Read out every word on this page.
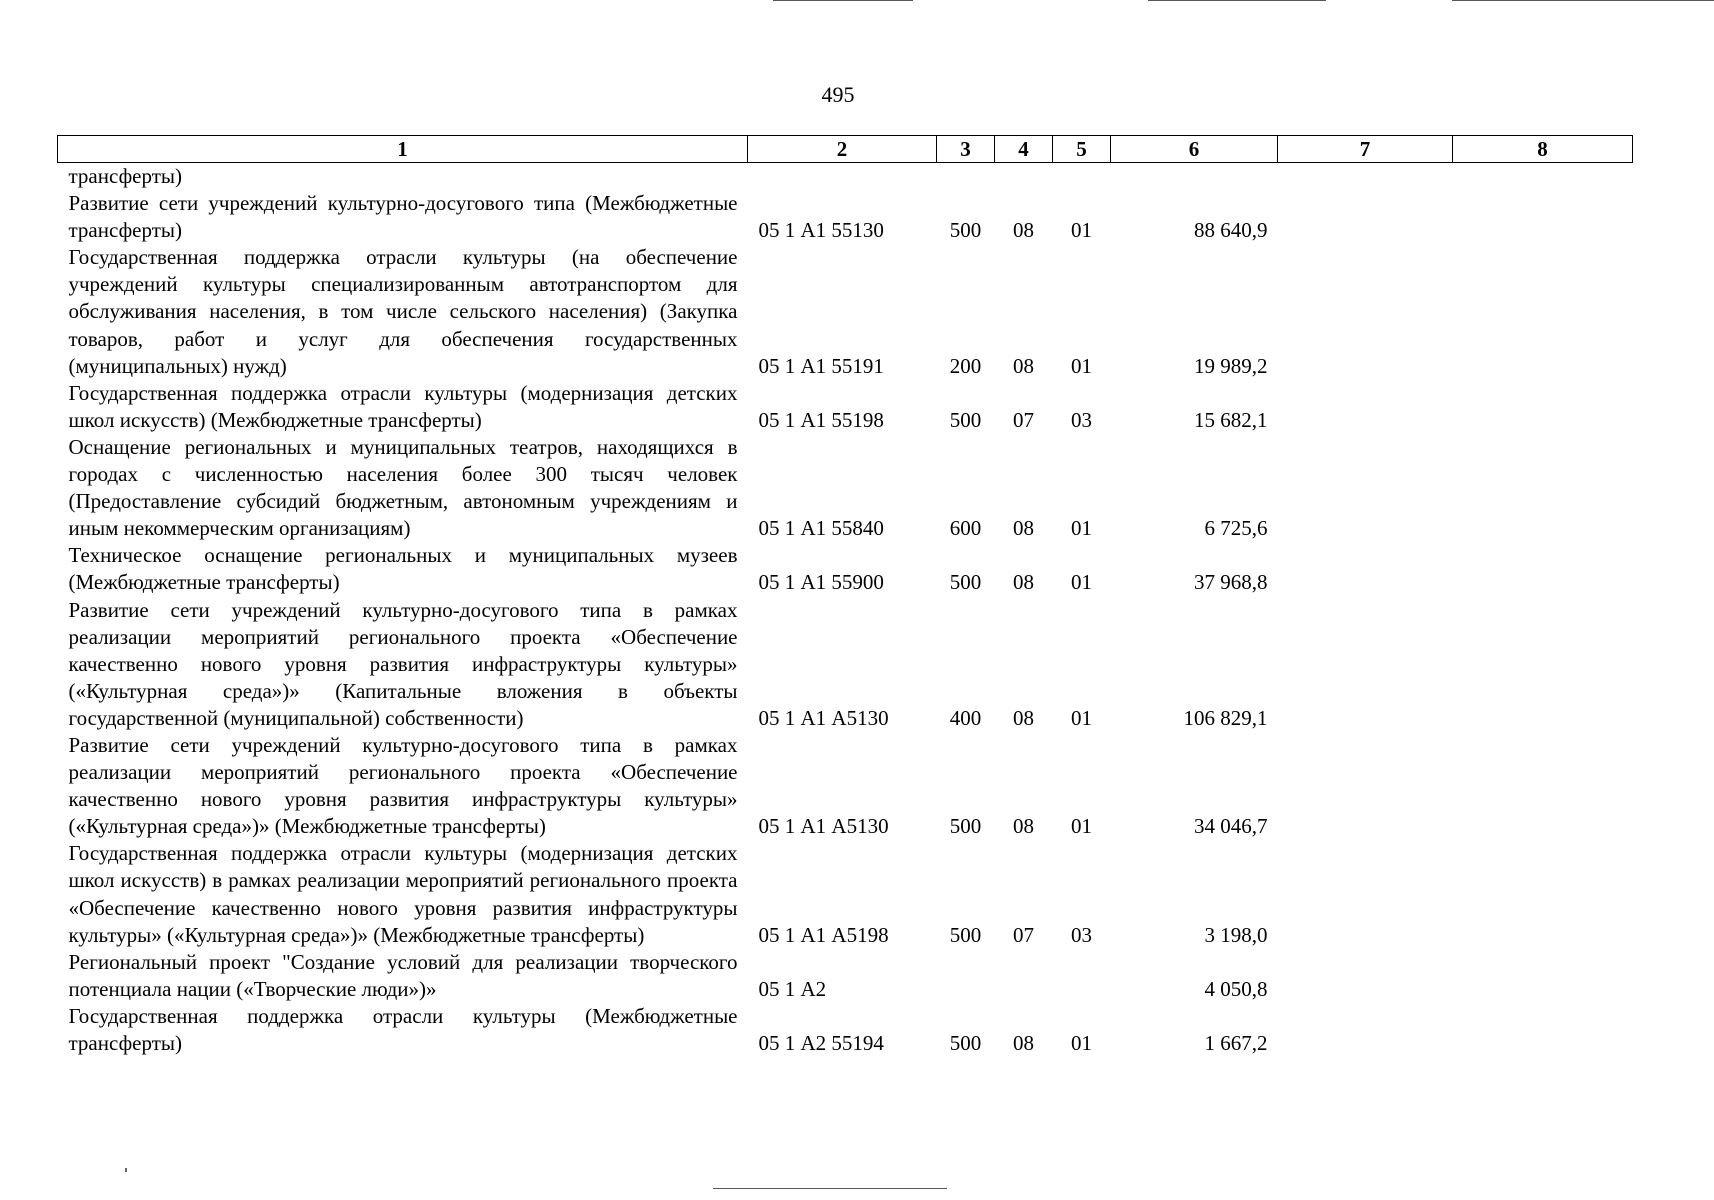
495
1	2	3	4	5	6	7	8
трансферты)							
Развитие сети учреждений культурно-досугового типа (Межбюджетные трансферты)	05 1 А1 55130	500	08	01	88 640,9		
Государственная поддержка отрасли культуры (на обеспечение учреждений культуры специализированным автотранспортом для обслуживания населения, в том числе сельского населения) (Закупка товаров, работ и услуг для обеспечения государственных (муниципальных) нужд)	05 1 А1 55191	200	08	01	19 989,2		
Государственная поддержка отрасли культуры (модернизация детских школ искусств) (Межбюджетные трансферты)	05 1 А1 55198	500	07	03	15 682,1		
Оснащение региональных и муниципальных театров, находящихся в городах с численностью населения более 300 тысяч человек (Предоставление субсидий бюджетным, автономным учреждениям и иным некоммерческим организациям)	05 1 А1 55840	600	08	01	6 725,6		
Техническое оснащение региональных и муниципальных музеев (Межбюджетные трансферты)	05 1 А1 55900	500	08	01	37 968,8		
Развитие сети учреждений культурно-досугового типа в рамках реализации мероприятий регионального проекта «Обеспечение качественно нового уровня развития инфраструктуры культуры» («Культурная среда»)» (Капитальные вложения в объекты государственной (муниципальной) собственности)	05 1 А1 А5130	400	08	01	106 829,1		
Развитие сети учреждений культурно-досугового типа в рамках реализации мероприятий регионального проекта «Обеспечение качественно нового уровня развития инфраструктуры культуры» («Культурная среда»)» (Межбюджетные трансферты)	05 1 А1 А5130	500	08	01	34 046,7		
Государственная поддержка отрасли культуры (модернизация детских школ искусств) в рамках реализации мероприятий регионального проекта «Обеспечение качественно нового уровня развития инфраструктуры культуры» («Культурная среда»)» (Межбюджетные трансферты)	05 1 А1 А5198	500	07	03	3 198,0		
Региональный проект "Создание условий для реализации творческого потенциала нации («Творческие люди»)»	05 1 А2				4 050,8		
Государственная поддержка отрасли культуры (Межбюджетные трансферты)	05 1 А2 55194	500	08	01	1 667,2		
